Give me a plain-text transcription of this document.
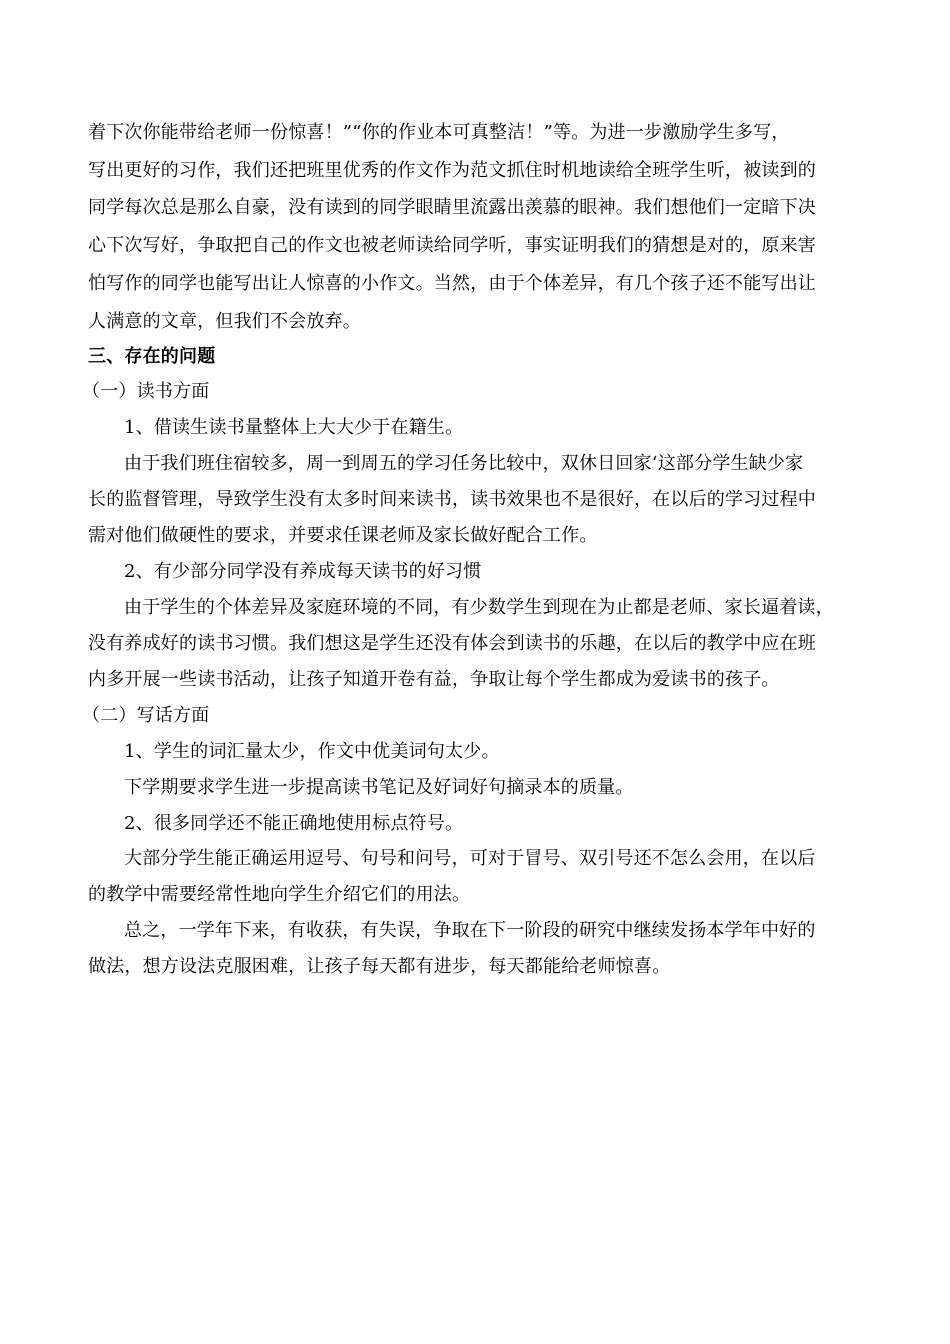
着下次你能带给老师一份惊喜！”“你的作业本可真整洁！”等。为进一步激励学生多写，
写出更好的习作，我们还把班里优秀的作文作为范文抓住时机地读给全班学生听，被读到的
同学每次总是那么自豪，没有读到的同学眼睛里流露出羡慕的眼神。我们想他们一定暗下决
心下次写好，争取把自己的作文也被老师读给同学听，事实证明我们的猜想是对的，原来害
怕写作的同学也能写出让人惊喜的小作文。当然，由于个体差异，有几个孩子还不能写出让
人满意的文章，但我们不会放弃。
三、存在的问题
（一）读书方面
1、借读生读书量整体上大大少于在籍生。
由于我们班住宿较多，周一到周五的学习任务比较中，双休日回家‘这部分学生缺少家
长的监督管理，导致学生没有太多时间来读书，读书效果也不是很好，在以后的学习过程中
需对他们做硬性的要求，并要求任课老师及家长做好配合工作。
2、有少部分同学没有养成每天读书的好习惯
由于学生的个体差异及家庭环境的不同，有少数学生到现在为止都是老师、家长逼着读，
没有养成好的读书习惯。我们想这是学生还没有体会到读书的乐趣，在以后的教学中应在班
内多开展一些读书活动，让孩子知道开卷有益，争取让每个学生都成为爱读书的孩子。
（二）写话方面
1、学生的词汇量太少，作文中优美词句太少。
下学期要求学生进一步提高读书笔记及好词好句摘录本的质量。
2、很多同学还不能正确地使用标点符号。
大部分学生能正确运用逗号、句号和问号，可对于冒号、双引号还不怎么会用，在以后
的教学中需要经常性地向学生介绍它们的用法。
总之，一学年下来，有收获，有失误，争取在下一阶段的研究中继续发扬本学年中好的
做法，想方设法克服困难，让孩子每天都有进步，每天都能给老师惊喜。
